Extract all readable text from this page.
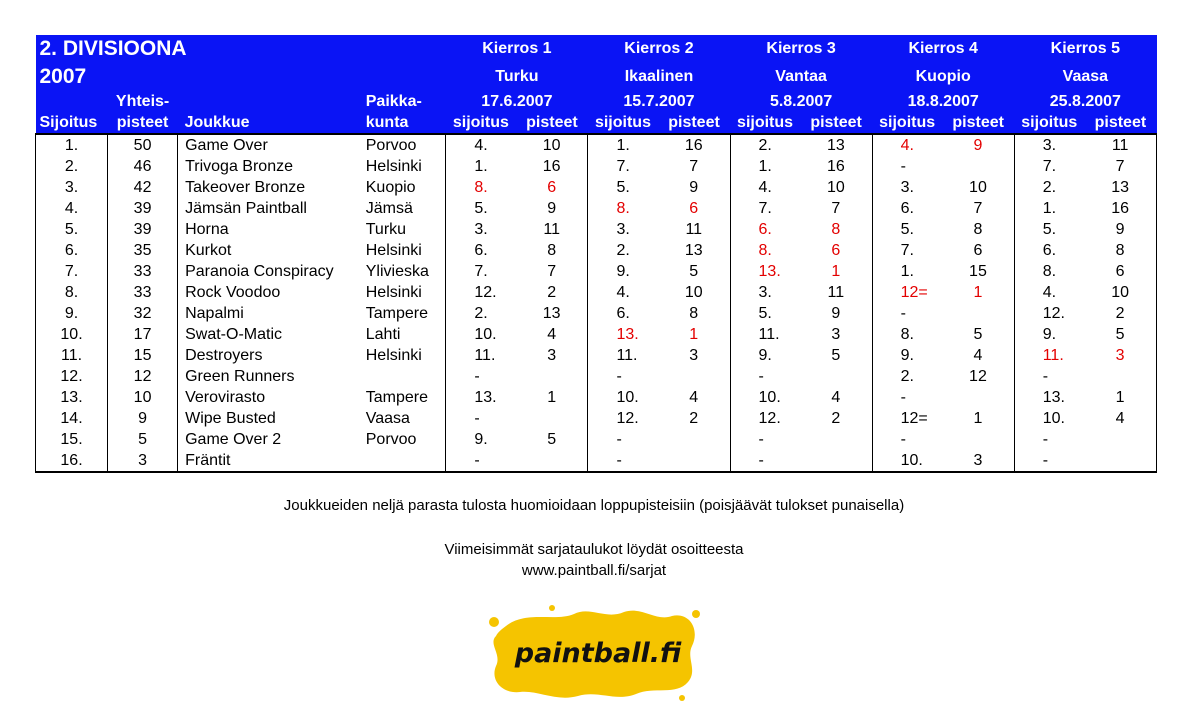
2. DIVISIOONA				Kierros 1		Kierros 2		Kierros 3		Kierros 4		Kierros 5	
2007				Turku		Ikaalinen		Vantaa		Kuopio		Vaasa	
	Yhteis-		Paikka-	17.6.2007		15.7.2007		5.8.2007		18.8.2007		25.8.2007	
Sijoitus	pisteet	Joukkue	kunta	sijoitus	pisteet	sijoitus	pisteet	sijoitus	pisteet	sijoitus	pisteet	sijoitus	pisteet
1.	50	Game Over	Porvoo	4.	10	1.	16	2.	13	4.	9	3.	11
2.	46	Trivoga Bronze	Helsinki	1.	16	7.	7	1.	16	-		7.	7
3.	42	Takeover Bronze	Kuopio	8.	6	5.	9	4.	10	3.	10	2.	13
4.	39	Jämsän Paintball	Jämsä	5.	9	8.	6	7.	7	6.	7	1.	16
5.	39	Horna	Turku	3.	11	3.	11	6.	8	5.	8	5.	9
6.	35	Kurkot	Helsinki	6.	8	2.	13	8.	6	7.	6	6.	8
7.	33	Paranoia Conspiracy	Ylivieska	7.	7	9.	5	13.	1	1.	15	8.	6
8.	33	Rock Voodoo	Helsinki	12.	2	4.	10	3.	11	12=	1	4.	10
9.	32	Napalmi	Tampere	2.	13	6.	8	5.	9	-		12.	2
10.	17	Swat-O-Matic	Lahti	10.	4	13.	1	11.	3	8.	5	9.	5
11.	15	Destroyers	Helsinki	11.	3	11.	3	9.	5	9.	4	11.	3
12.	12	Green Runners		-		-		-		2.	12	-	
13.	10	Verovirasto	Tampere	13.	1	10.	4	10.	4	-		13.	1
14.	9	Wipe Busted	Vaasa	-		12.	2	12.	2	12=	1	10.	4
15.	5	Game Over 2	Porvoo	9.	5	-		-		-		-	
16.	3	Fräntit		-		-		-		10.	3	-	
Joukkueiden neljä parasta tulosta huomioidaan loppupisteisiin (poisjäävät tulokset punaisella)
Viimeisimmät sarjataulukot löydät osoitteesta
www.paintball.fi/sarjat
paintball.fi
